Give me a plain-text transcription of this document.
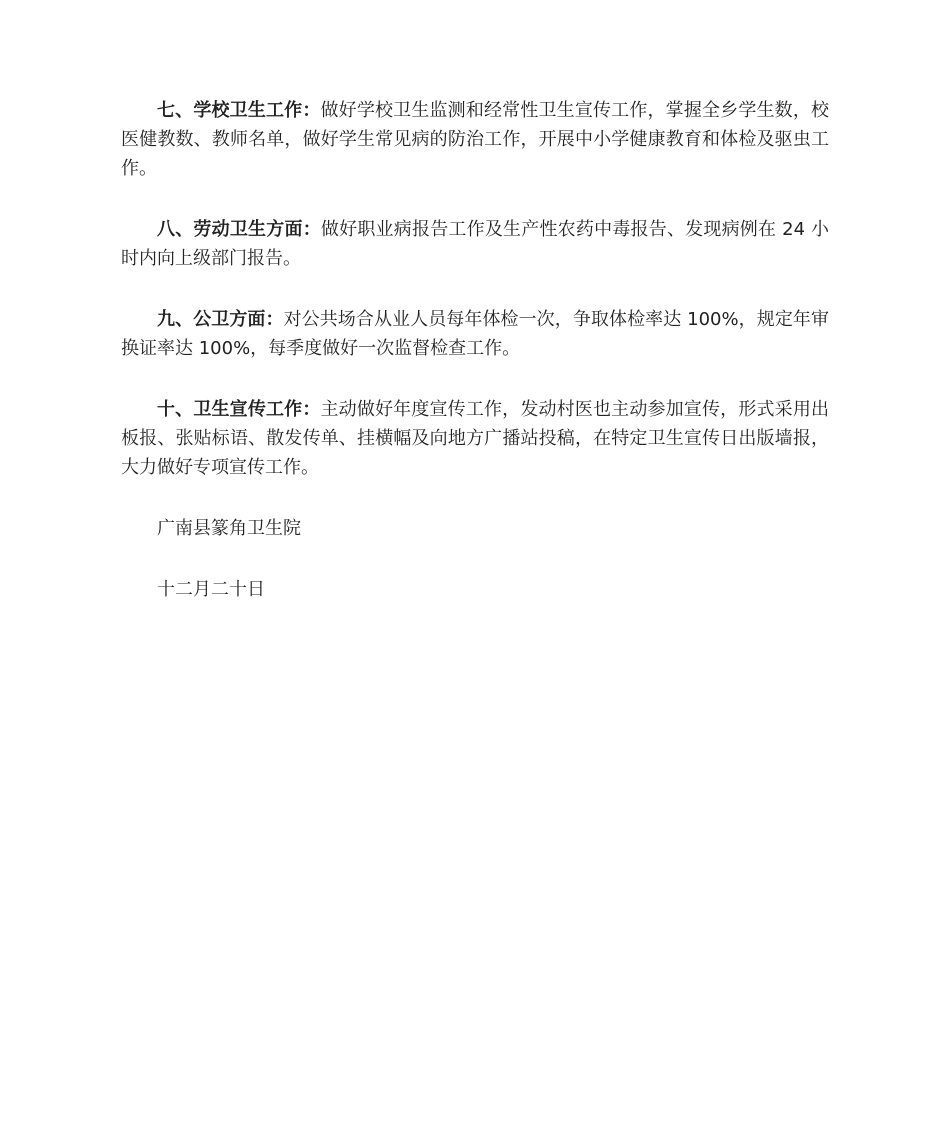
七、学校卫生工作：做好学校卫生监测和经常性卫生宣传工作，掌握全乡学生数，校医健教数、教师名单，做好学生常见病的防治工作，开展中小学健康教育和体检及驱虫工作。

八、劳动卫生方面：做好职业病报告工作及生产性农药中毒报告、发现病例在 24 小时内向上级部门报告。

九、公卫方面：对公共场合从业人员每年体检一次，争取体检率达 100%，规定年审换证率达 100%，每季度做好一次监督检查工作。

十、卫生宣传工作：主动做好年度宣传工作，发动村医也主动参加宣传，形式采用出板报、张贴标语、散发传单、挂横幅及向地方广播站投稿，在特定卫生宣传日出版墙报，大力做好专项宣传工作。

广南县篆角卫生院

十二月二十日
